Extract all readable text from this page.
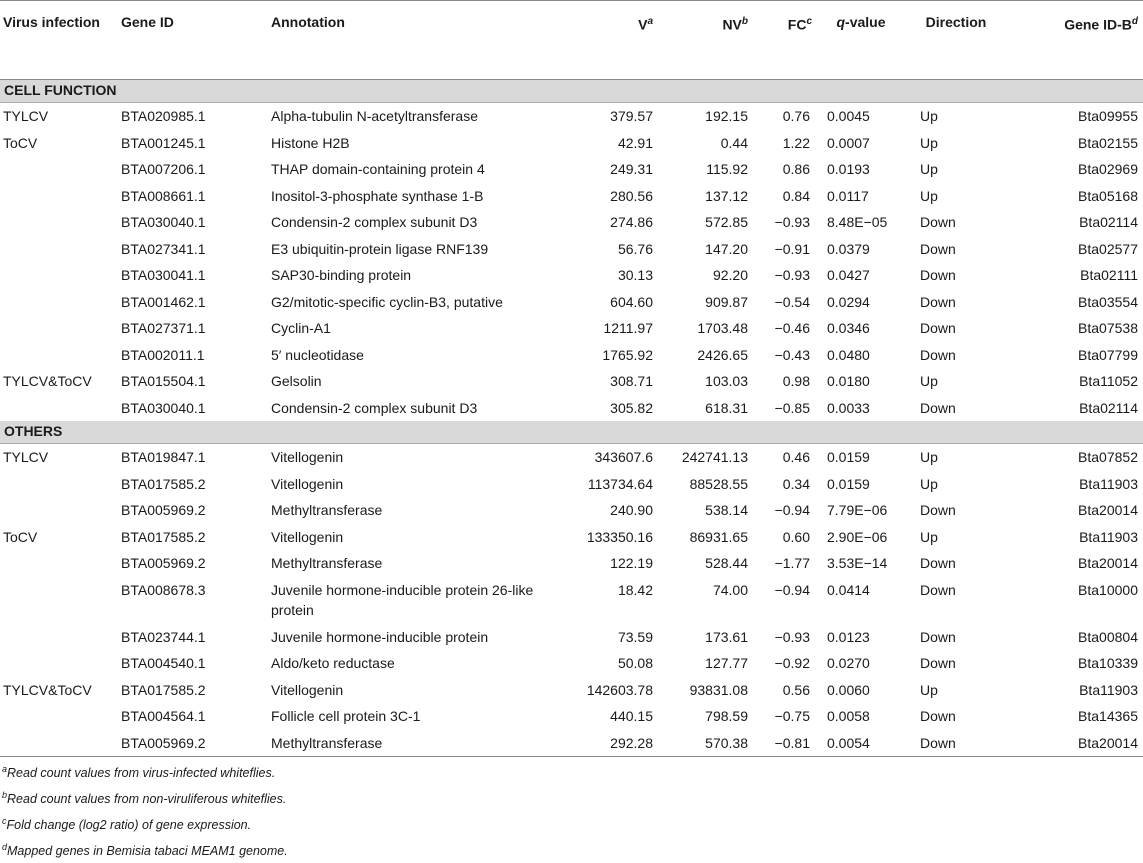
Virus infection	Gene ID	Annotation	$V^a$	$NV^b$	$FC^c$	q-value	Direction	Gene $ID-B^d$
CELL FUNCTION								
TYLCV	BTA020985.1	Alpha-tubulin N-acetyltransferase	379.57	192.15	0.76	0.0045	Up	Bta09955
ToCV	BTA001245.1	Histone H2B	42.91	0.44	1.22	0.0007	Up	Bta02155
	BTA007206.1	THAP domain-containing protein 4	249.31	115.92	0.86	0.0193	Up	Bta02969
	BTA008661.1	Inositol-3-phosphate synthase 1-B	280.56	137.12	0.84	0.0117	Up	Bta05168
	BTA030040.1	Condensin-2 complex subunit D3	274.86	572.85	−0.93	8.48E−05	Down	Bta02114
	BTA027341.1	E3 ubiquitin-protein ligase RNF139	56.76	147.20	−0.91	0.0379	Down	Bta02577
	BTA030041.1	SAP30-binding protein	30.13	92.20	−0.93	0.0427	Down	Bta02111
	BTA001462.1	G2/mitotic-specific cyclin-B3, putative	604.60	909.87	−0.54	0.0294	Down	Bta03554
	BTA027371.1	Cyclin-A1	1211.97	1703.48	−0.46	0.0346	Down	Bta07538
	BTA002011.1	5′ nucleotidase	1765.92	2426.65	−0.43	0.0480	Down	Bta07799
TYLCV&ToCV	BTA015504.1	Gelsolin	308.71	103.03	0.98	0.0180	Up	Bta11052
	BTA030040.1	Condensin-2 complex subunit D3	305.82	618.31	−0.85	0.0033	Down	Bta02114
OTHERS								
TYLCV	BTA019847.1	Vitellogenin	343607.6	242741.13	0.46	0.0159	Up	Bta07852
	BTA017585.2	Vitellogenin	113734.64	88528.55	0.34	0.0159	Up	Bta11903
	BTA005969.2	Methyltransferase	240.90	538.14	−0.94	7.79E−06	Down	Bta20014
ToCV	BTA017585.2	Vitellogenin	133350.16	86931.65	0.60	2.90E−06	Up	Bta11903
	BTA005969.2	Methyltransferase	122.19	528.44	−1.77	3.53E−14	Down	Bta20014
	BTA008678.3	Juvenile hormone-inducible protein 26-like protein	18.42	74.00	−0.94	0.0414	Down	Bta10000
	BTA023744.1	Juvenile hormone-inducible protein	73.59	173.61	−0.93	0.0123	Down	Bta00804
	BTA004540.1	Aldo/keto reductase	50.08	127.77	−0.92	0.0270	Down	Bta10339
TYLCV&ToCV	BTA017585.2	Vitellogenin	142603.78	93831.08	0.56	0.0060	Up	Bta11903
	BTA004564.1	Follicle cell protein 3C-1	440.15	798.59	−0.75	0.0058	Down	Bta14365
	BTA005969.2	Methyltransferase	292.28	570.38	−0.81	0.0054	Down	Bta20014
$^a$Read count values from virus-infected whiteflies.
$^b$Read count values from non-viruliferous whiteflies.
$^c$Fold change (log2 ratio) of gene expression.
$^d$Mapped genes in Bemisia tabaci MEAM1 genome.
